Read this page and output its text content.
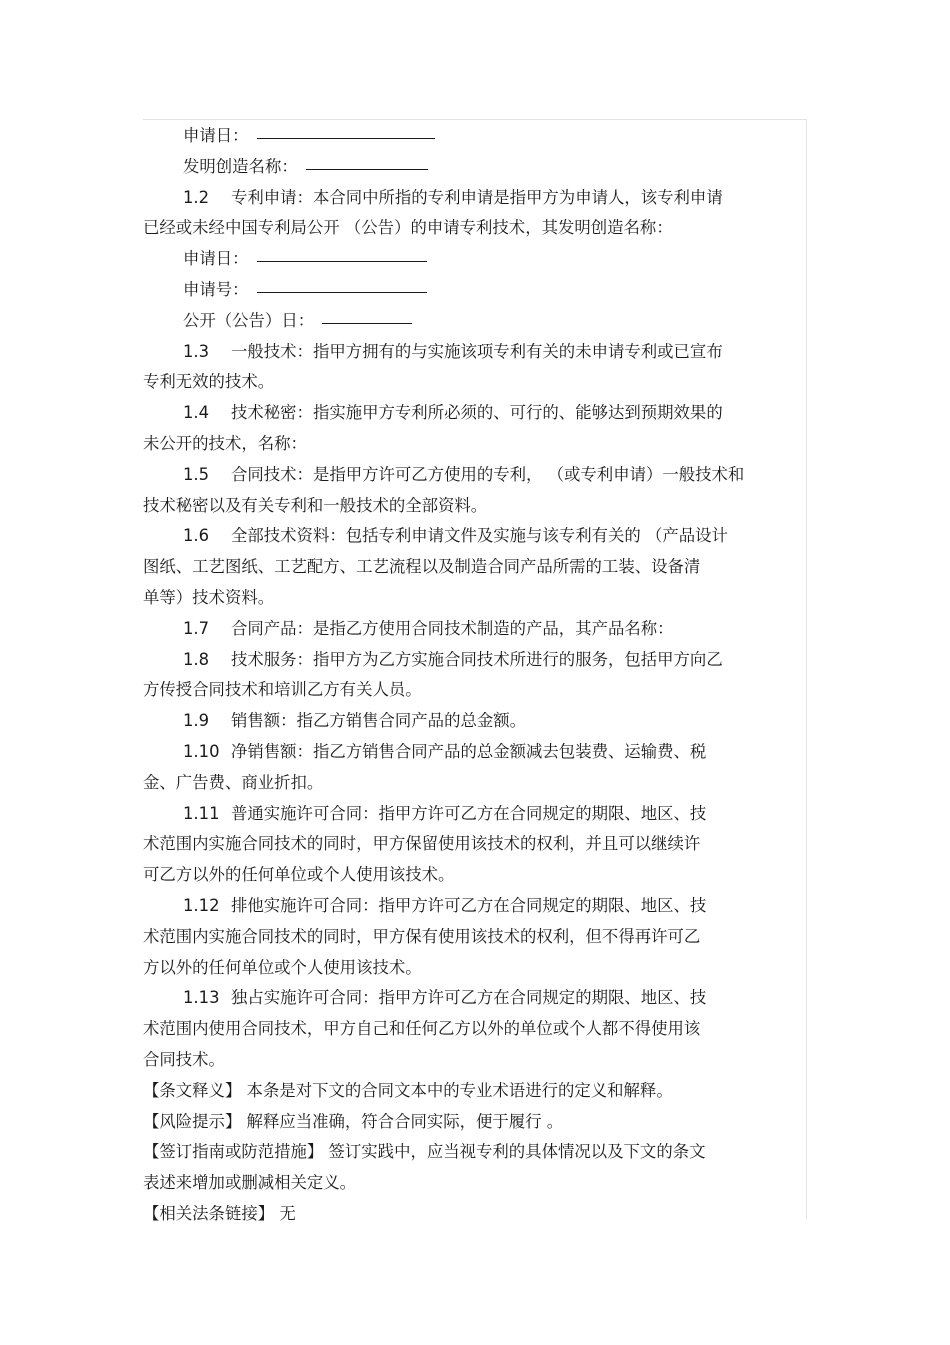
申请日：
发明创造名称：
1.2 专利申请：本合同中所指的专利申请是指甲方为申请人，该专利申请
已经或未经中国专利局公开 （公告）的申请专利技术，其发明创造名称：
申请日：
申请号：
公开（公告）日：
1.3 一般技术：指甲方拥有的与实施该项专利有关的未申请专利或已宣布
专利无效的技术。
1.4 技术秘密：指实施甲方专利所必须的、可行的、能够达到预期效果的
未公开的技术，名称：
1.5 合同技术：是指甲方许可乙方使用的专利， （或专利申请）一般技术和
技术秘密以及有关专利和一般技术的全部资料。
1.6 全部技术资料：包括专利申请文件及实施与该专利有关的 （产品设计
图纸、工艺图纸、工艺配方、工艺流程以及制造合同产品所需的工装、设备清
单等）技术资料。
1.7 合同产品：是指乙方使用合同技术制造的产品，其产品名称：
1.8 技术服务：指甲方为乙方实施合同技术所进行的服务，包括甲方向乙
方传授合同技术和培训乙方有关人员。
1.9 销售额：指乙方销售合同产品的总金额。
1.10 净销售额：指乙方销售合同产品的总金额减去包装费、运输费、税
金、广告费、商业折扣。
1.11 普通实施许可合同：指甲方许可乙方在合同规定的期限、地区、技
术范围内实施合同技术的同时，甲方保留使用该技术的权利，并且可以继续许
可乙方以外的任何单位或个人使用该技术。
1.12 排他实施许可合同：指甲方许可乙方在合同规定的期限、地区、技
术范围内实施合同技术的同时，甲方保有使用该技术的权利，但不得再许可乙
方以外的任何单位或个人使用该技术。
1.13 独占实施许可合同：指甲方许可乙方在合同规定的期限、地区、技
术范围内使用合同技术，甲方自己和任何乙方以外的单位或个人都不得使用该
合同技术。
【条文释义】 本条是对下文的合同文本中的专业术语进行的定义和解释。
【风险提示】 解释应当准确，符合合同实际，便于履行 。
【签订指南或防范措施】 签订实践中，应当视专利的具体情况以及下文的条文
表述来增加或删减相关定义。
【相关法条链接】 无
